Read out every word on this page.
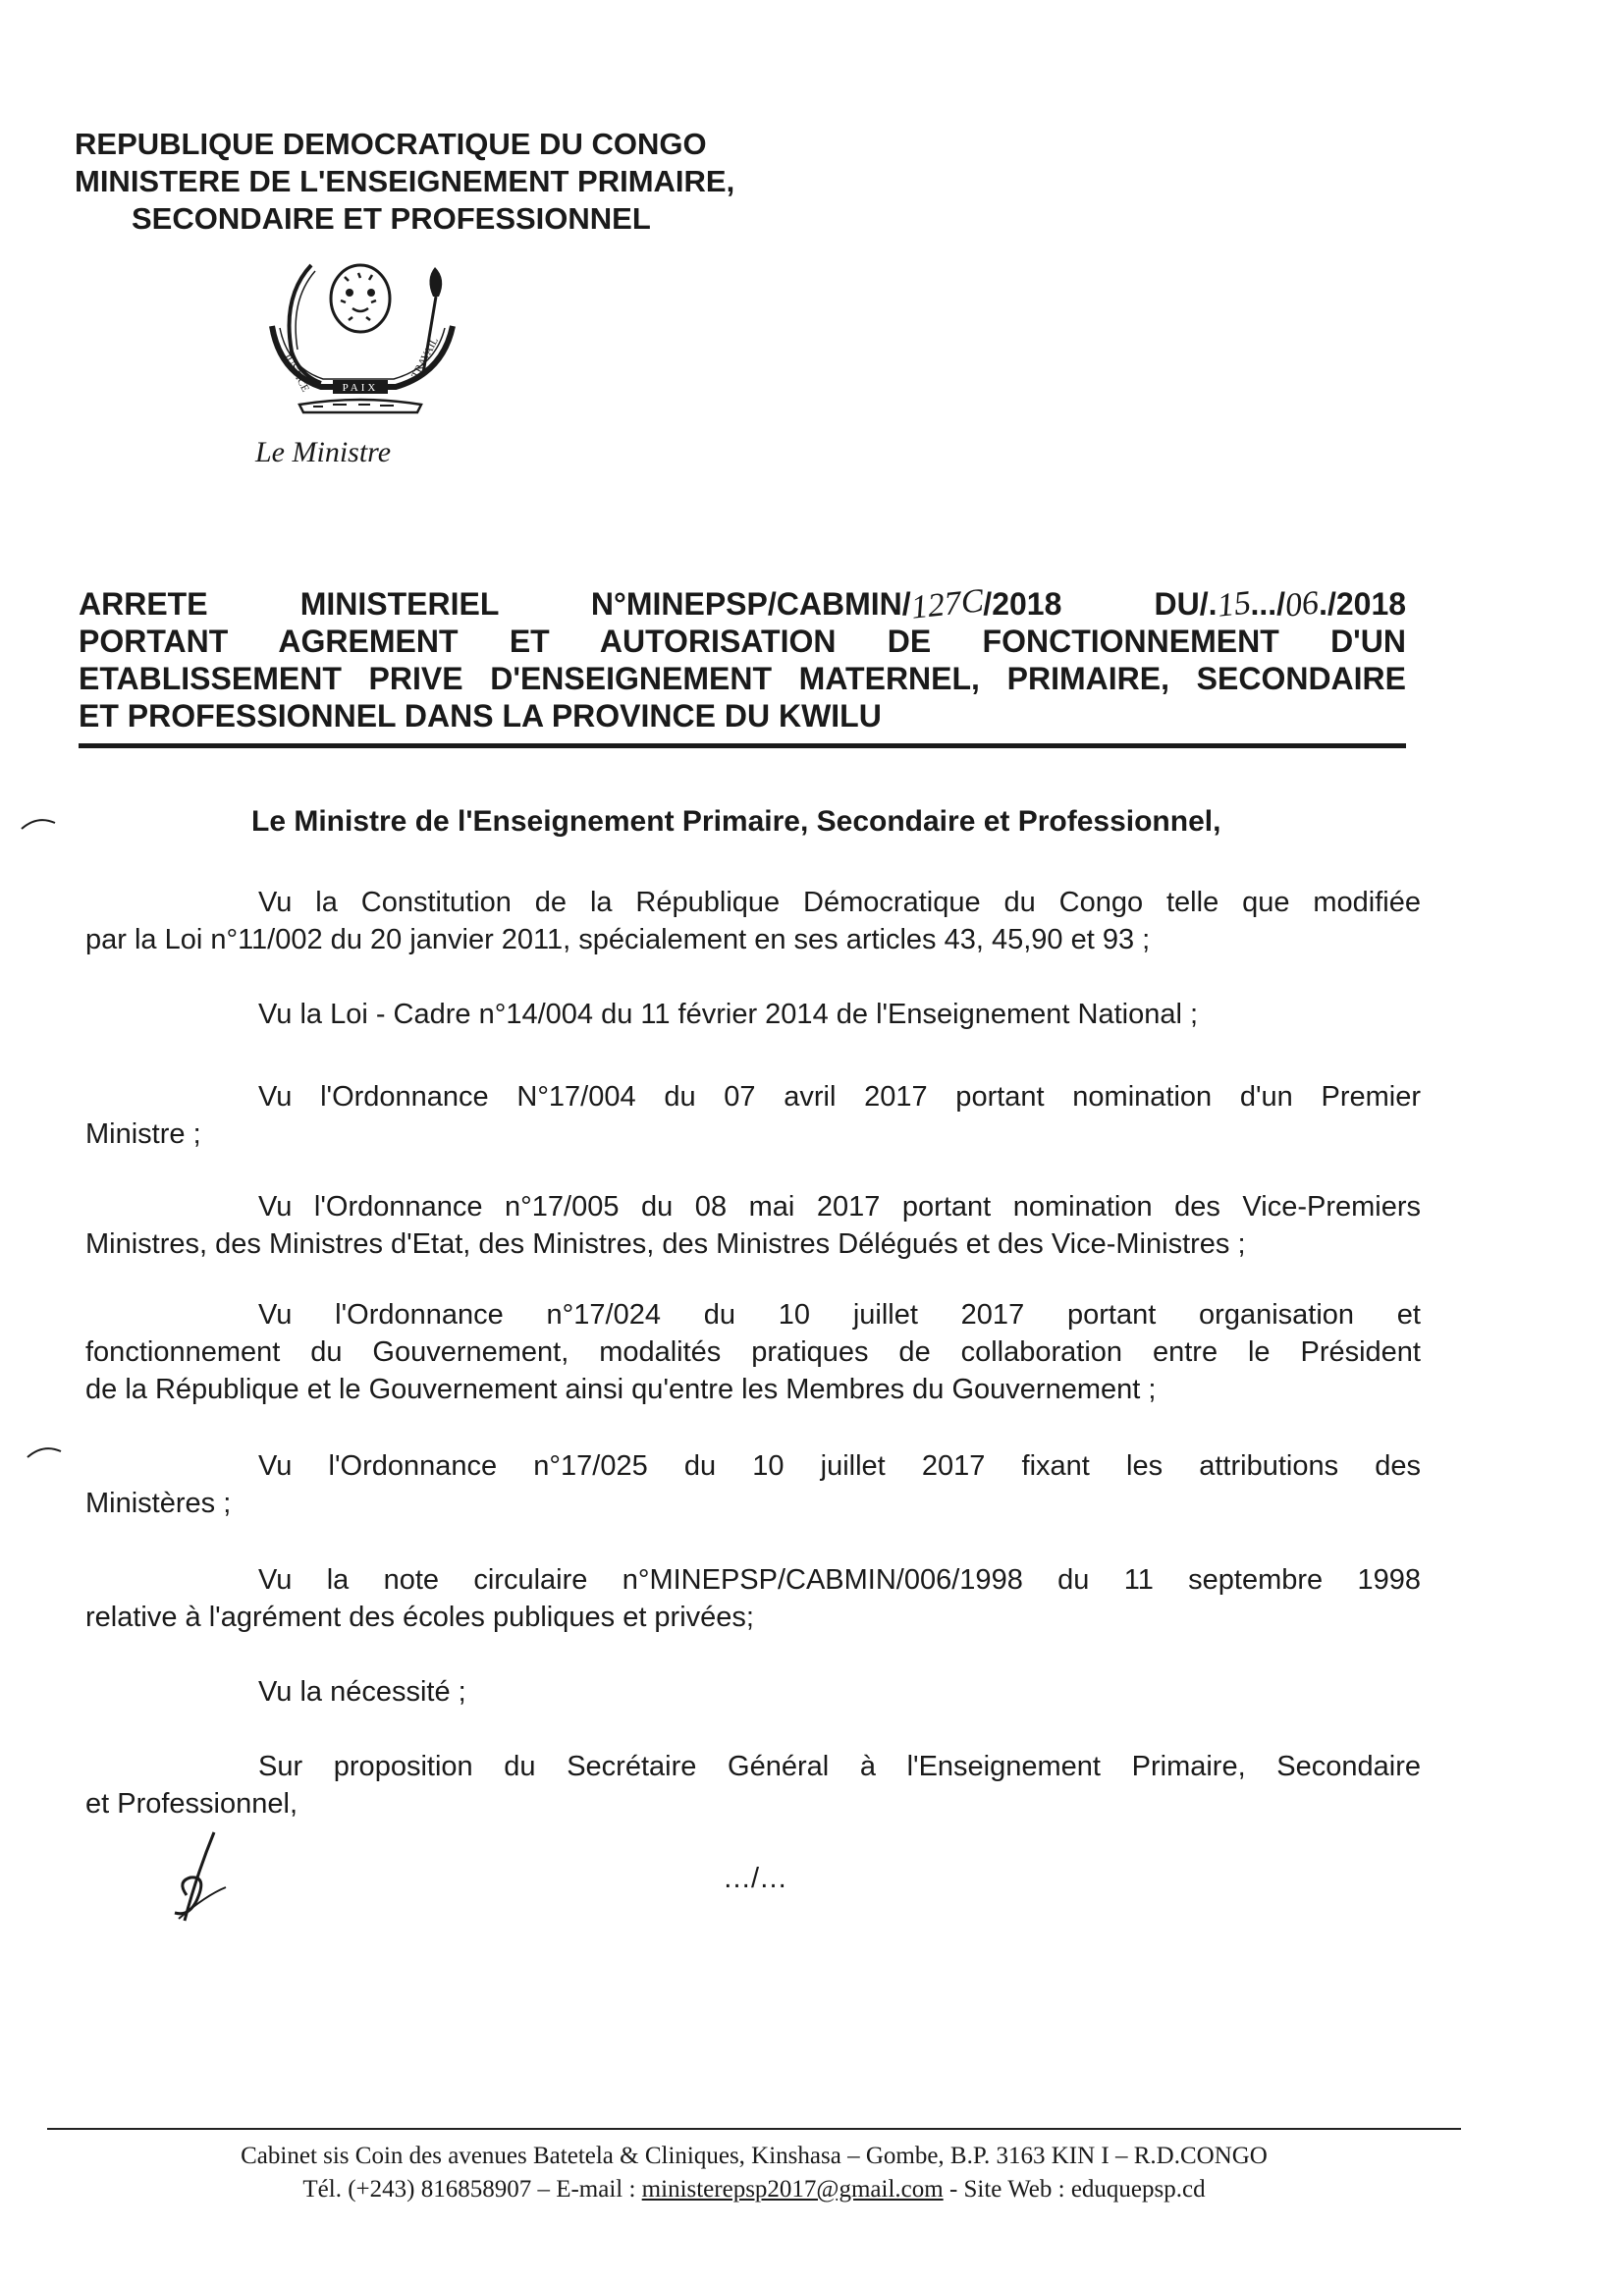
REPUBLIQUE DEMOCRATIQUE DU CONGO
MINISTERE DE L'ENSEIGNEMENT PRIMAIRE,
SECONDAIRE ET PROFESSIONNEL
JUSTICE	PAIX
TRAVAIL
Le Ministre
ARRETE	MINISTERIEL	N°MINEPSP/CABMIN/127C/2018	DU/.15.../06./2018
PORTANT AGREMENT ET AUTORISATION DE FONCTIONNEMENT D'UN
ETABLISSEMENT PRIVE D'ENSEIGNEMENT MATERNEL, PRIMAIRE, SECONDAIRE
ET PROFESSIONNEL DANS LA PROVINCE DU KWILU
Le Ministre de l'Enseignement Primaire, Secondaire et Professionnel,
Vu la Constitution de la République Démocratique du Congo telle que modifiée
par la Loi n°11/002 du 20 janvier 2011, spécialement en ses articles 43, 45,90 et 93 ;
Vu la Loi - Cadre n°14/004 du 11 février 2014 de l'Enseignement National ;
Vu l'Ordonnance N°17/004 du 07 avril 2017 portant nomination d'un Premier
Ministre ;
Vu l'Ordonnance n°17/005 du 08 mai 2017 portant nomination des Vice-Premiers
Ministres, des Ministres d'Etat, des Ministres, des Ministres Délégués et des Vice-Ministres ;
Vu l'Ordonnance n°17/024 du 10 juillet 2017 portant organisation et
fonctionnement du Gouvernement, modalités pratiques de collaboration entre le Président
de la République et le Gouvernement ainsi qu'entre les Membres du Gouvernement ;
Vu l'Ordonnance n°17/025 du 10 juillet 2017 fixant les attributions des
Ministères ;
Vu la note circulaire n°MINEPSP/CABMIN/006/1998 du 11 septembre 1998
relative à l'agrément des écoles publiques et privées;
Vu la nécessité ;
Sur proposition du Secrétaire Général à l'Enseignement Primaire, Secondaire
et Professionnel,
…/…
Cabinet sis Coin des avenues Batetela & Cliniques, Kinshasa – Gombe, B.P. 3163 KIN I – R.D.CONGO
Tél. (+243) 816858907 – E-mail : ministerepsp2017@gmail.com - Site Web : eduquepsp.cd
